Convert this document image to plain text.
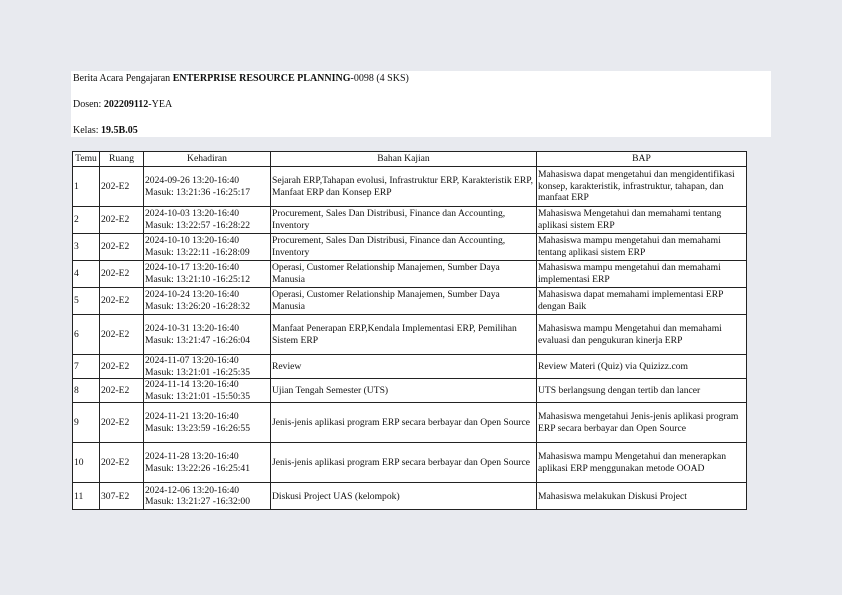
Berita Acara Pengajaran ENTERPRISE RESOURCE PLANNING-0098 (4 SKS)
Dosen: 202209112-YEA
Kelas: 19.5B.05
Temu	Ruang	Kehadiran	Bahan Kajian	BAP
1	202-E2	2024-09-26 13:20-16:40
Masuk: 13:21:36 -16:25:17	Sejarah ERP,Tahapan evolusi, Infrastruktur ERP, Karakteristik ERP, Manfaat ERP dan Konsep ERP	Mahasiswa dapat mengetahui dan mengidentifikasi konsep, karakteristik, infrastruktur, tahapan, dan manfaat ERP
2	202-E2	2024-10-03 13:20-16:40
Masuk: 13:22:57 -16:28:22	Procurement, Sales Dan Distribusi, Finance dan Accounting, Inventory	Mahasiswa Mengetahui dan memahami tentang aplikasi sistem ERP
3	202-E2	2024-10-10 13:20-16:40
Masuk: 13:22:11 -16:28:09	Procurement, Sales Dan Distribusi, Finance dan Accounting, Inventory	Mahasiswa mampu mengetahui dan memahami tentang aplikasi sistem ERP
4	202-E2	2024-10-17 13:20-16:40
Masuk: 13:21:10 -16:25:12	Operasi, Customer Relationship Manajemen, Sumber Daya Manusia	Mahasiswa mampu mengetahui dan memahami implementasi ERP
5	202-E2	2024-10-24 13:20-16:40
Masuk: 13:26:20 -16:28:32	Operasi, Customer Relationship Manajemen, Sumber Daya Manusia	Mahasiswa dapat memahami implementasi ERP dengan Baik
6	202-E2	2024-10-31 13:20-16:40
Masuk: 13:21:47 -16:26:04	Manfaat Penerapan ERP,Kendala Implementasi ERP, Pemilihan Sistem ERP	Mahasiswa mampu Mengetahui dan memahami evaluasi dan pengukuran kinerja ERP
7	202-E2	2024-11-07 13:20-16:40
Masuk: 13:21:01 -16:25:35	Review	Review Materi (Quiz) via Quizizz.com
8	202-E2	2024-11-14 13:20-16:40
Masuk: 13:21:01 -15:50:35	Ujian Tengah Semester (UTS)	UTS berlangsung dengan tertib dan lancer
9	202-E2	2024-11-21 13:20-16:40
Masuk: 13:23:59 -16:26:55	Jenis-jenis aplikasi program ERP secara berbayar dan Open Source	Mahasiswa mengetahui Jenis-jenis aplikasi program ERP secara berbayar dan Open Source
10	202-E2	2024-11-28 13:20-16:40
Masuk: 13:22:26 -16:25:41	Jenis-jenis aplikasi program ERP secara berbayar dan Open Source	Mahasiswa mampu Mengetahui dan menerapkan aplikasi ERP menggunakan metode OOAD
11	307-E2	2024-12-06 13:20-16:40
Masuk: 13:21:27 -16:32:00	Diskusi Project UAS (kelompok)	Mahasiswa melakukan Diskusi Project
